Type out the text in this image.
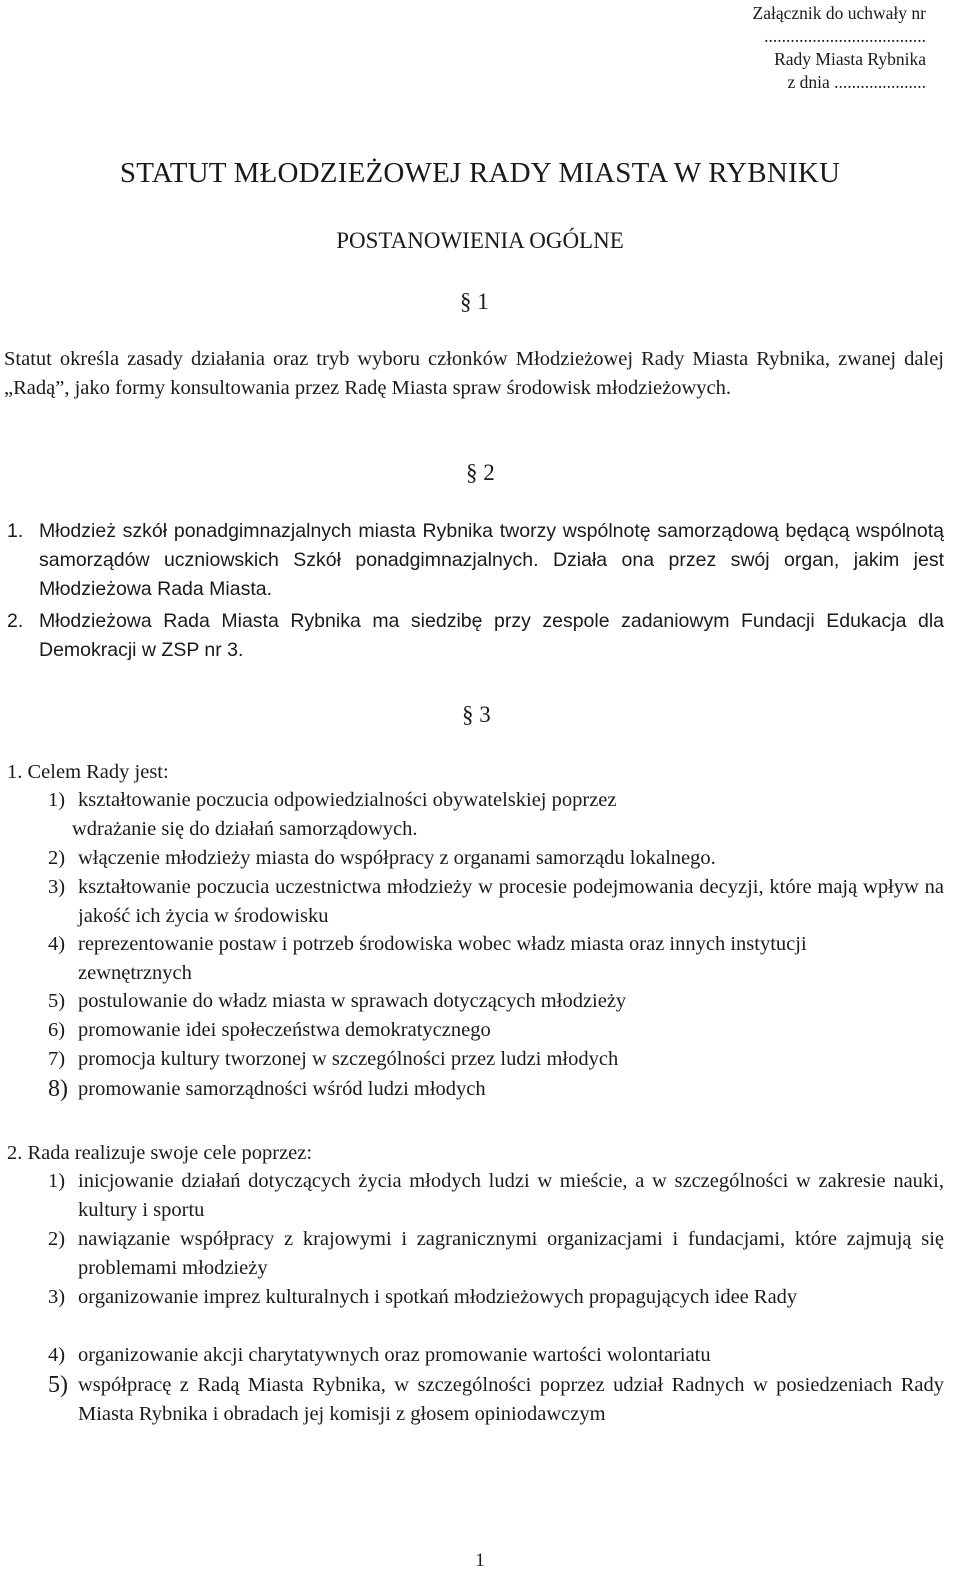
Załącznik do uchwały nr
.....................................
Rady Miasta Rybnika
z dnia .....................
STATUT MŁODZIEŻOWEJ RADY MIASTA W RYBNIKU
POSTANOWIENIA OGÓLNE
§ 1
Statut określa zasady działania oraz tryb wyboru członków Młodzieżowej Rady Miasta Rybnika, zwanej dalej „Radą”, jako formy konsultowania przez Radę Miasta spraw środowisk młodzieżowych.
§ 2
1. Młodzież szkół ponadgimnazjalnych miasta Rybnika tworzy wspólnotę samorządową będącą wspólnotą samorządów uczniowskich Szkół ponadgimnazjalnych. Działa ona przez swój organ, jakim jest Młodzieżowa Rada Miasta.
2. Młodzieżowa Rada Miasta Rybnika ma siedzibę przy zespole zadaniowym Fundacji Edukacja dla Demokracji w ZSP nr 3.
§ 3
1. Celem Rady jest:
1) kształtowanie poczucia odpowiedzialności obywatelskiej poprzez
wdrażanie się do działań samorządowych.
2) włączenie młodzieży miasta do współpracy z organami samorządu lokalnego.
3) kształtowanie poczucia uczestnictwa młodzieży w procesie podejmowania decyzji, które mają wpływ na jakość ich życia w środowisku
4) reprezentowanie postaw i potrzeb środowiska wobec władz miasta oraz innych instytucji zewnętrznych
5) postulowanie do władz miasta w sprawach dotyczących młodzieży
6) promowanie idei społeczeństwa demokratycznego
7) promocja kultury tworzonej w szczególności przez ludzi młodych
8) promowanie samorządności wśród ludzi młodych
2. Rada realizuje swoje cele poprzez:
1) inicjowanie działań dotyczących życia młodych ludzi w mieście, a w szczególności w zakresie nauki, kultury i sportu
2) nawiązanie współpracy z krajowymi i zagranicznymi organizacjami i fundacjami, które zajmują się problemami młodzieży
3) organizowanie imprez kulturalnych i spotkań młodzieżowych propagujących idee Rady
4) organizowanie akcji charytatywnych oraz promowanie wartości wolontariatu
5) współpracę z Radą Miasta Rybnika, w szczególności poprzez udział Radnych w posiedzeniach Rady Miasta Rybnika i obradach jej komisji z głosem opiniodawczym
1
